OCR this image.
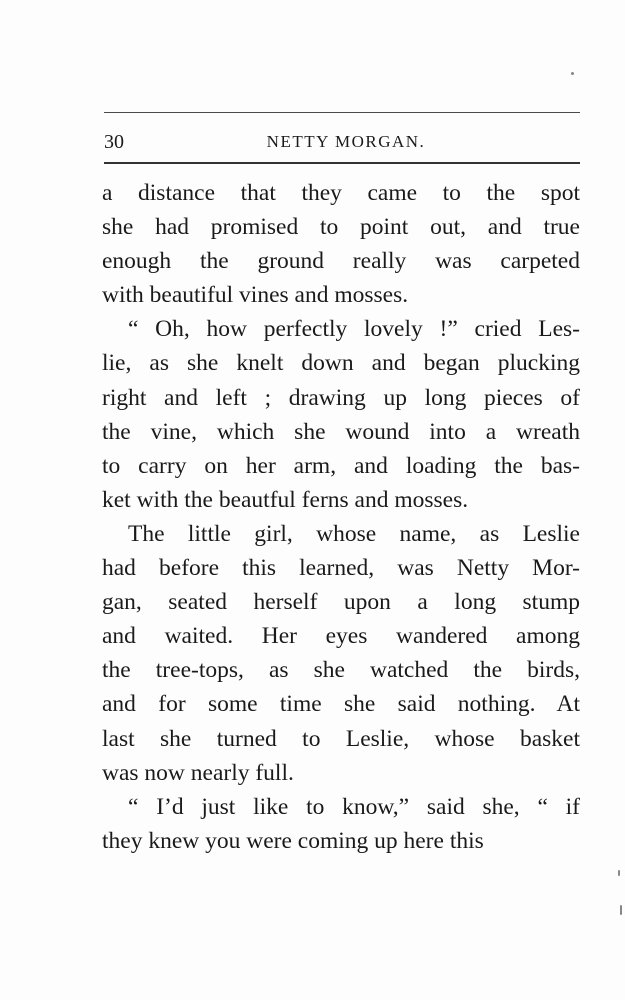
30	NETTY MORGAN.

a distance that they came to the spot
she had promised to point out, and true
enough the ground really was carpeted
with beautiful vines and mosses.

“ Oh, how perfectly lovely !” cried Les-
lie, as she knelt down and began plucking
right and left ; drawing up long pieces of
the vine, which she wound into a wreath
to carry on her arm, and loading the bas-
ket with the beautful ferns and mosses.

The little girl, whose name, as Leslie
had before this learned, was Netty Mor-
gan, seated herself upon a long stump
and waited. Her eyes wandered among
the tree-tops, as she watched the birds,
and for some time she said nothing. At
last she turned to Leslie, whose basket
was now nearly full.

“ I’d just like to know,” said she, “ if
they knew you were coming up here this
